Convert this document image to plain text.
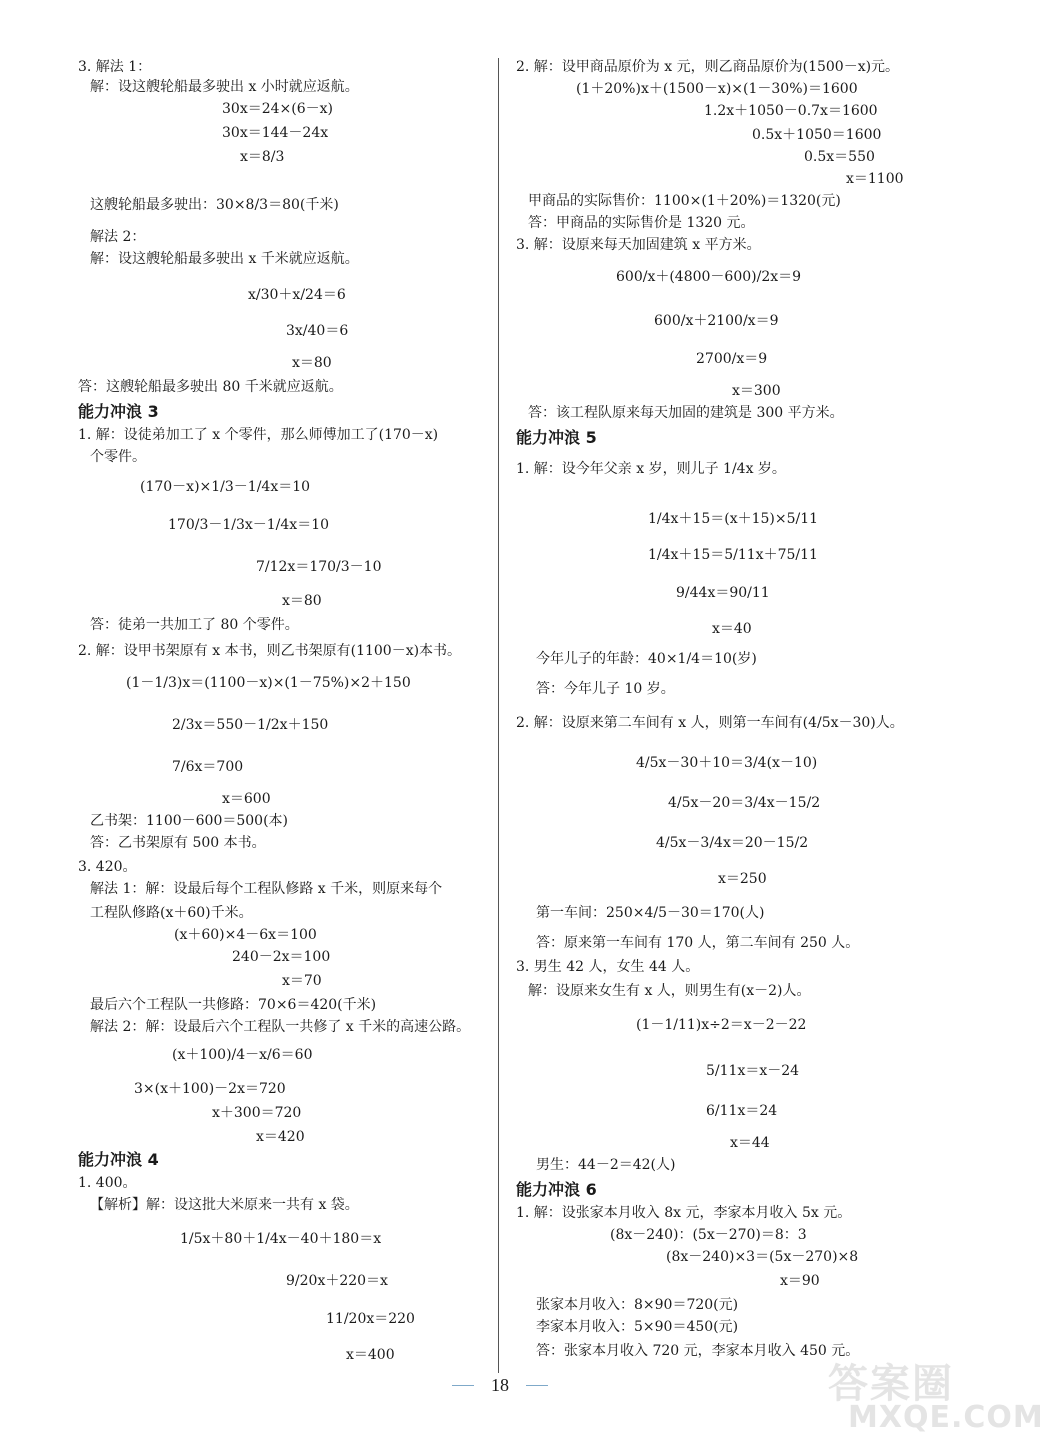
3. 解法 1：
解：设这艘轮船最多驶出 x 小时就应返航。
30x＝24×(6－x)
30x＝144－24x
x＝8/3
这艘轮船最多驶出：30×8/3＝80(千米)
解法 2：
解：设这艘轮船最多驶出 x 千米就应返航。
x/30＋x/24＝6
3x/40＝6
x＝80
答：这艘轮船最多驶出 80 千米就应返航。
能力冲浪 3
1. 解：设徒弟加工了 x 个零件，那么师傅加工了(170－x)
个零件。
(170－x)×1/3－1/4x＝10
170/3－1/3x－1/4x＝10
7/12x＝170/3－10
x＝80
答：徒弟一共加工了 80 个零件。
2. 解：设甲书架原有 x 本书，则乙书架原有(1100－x)本书。
(1－1/3)x＝(1100－x)×(1－75%)×2＋150
2/3x＝550－1/2x＋150
7/6x＝700
x＝600
乙书架：1100－600＝500(本)
答：乙书架原有 500 本书。
3. 420。
解法 1：解：设最后每个工程队修路 x 千米，则原来每个
工程队修路(x＋60)千米。
(x＋60)×4－6x＝100
240－2x＝100
x＝70
最后六个工程队一共修路：70×6＝420(千米)
解法 2：解：设最后六个工程队一共修了 x 千米的高速公路。
(x＋100)/4－x/6＝60
3×(x＋100)－2x＝720
x＋300＝720
x＝420
能力冲浪 4
1. 400。
【解析】解：设这批大米原来一共有 x 袋。
1/5x＋80＋1/4x－40＋180＝x
9/20x＋220＝x
11/20x＝220
x＝400
2. 解：设甲商品原价为 x 元，则乙商品原价为(1500－x)元。
(1＋20%)x＋(1500－x)×(1－30%)＝1600
1.2x＋1050－0.7x＝1600
0.5x＋1050＝1600
0.5x＝550
x＝1100
甲商品的实际售价：1100×(1＋20%)＝1320(元)
答：甲商品的实际售价是 1320 元。
3. 解：设原来每天加固建筑 x 平方米。
600/x＋(4800－600)/2x＝9
600/x＋2100/x＝9
2700/x＝9
x＝300
答：该工程队原来每天加固的建筑是 300 平方米。
能力冲浪 5
1. 解：设今年父亲 x 岁，则儿子 1/4x 岁。
1/4x＋15＝(x＋15)×5/11
1/4x＋15＝5/11x＋75/11
9/44x＝90/11
x＝40
今年儿子的年龄：40×1/4＝10(岁)
答：今年儿子 10 岁。
2. 解：设原来第二车间有 x 人，则第一车间有(4/5x－30)人。
4/5x－30＋10＝3/4(x－10)
4/5x－20＝3/4x－15/2
4/5x－3/4x＝20－15/2
x＝250
第一车间：250×4/5－30＝170(人)
答：原来第一车间有 170 人，第二车间有 250 人。
3. 男生 42 人，女生 44 人。
解：设原来女生有 x 人，则男生有(x－2)人。
(1－1/11)x÷2＝x－2－22
5/11x＝x－24
6/11x＝24
x＝44
男生：44－2＝42(人)
能力冲浪 6
1. 解：设张家本月收入 8x 元，李家本月收入 5x 元。
(8x－240)：(5x－270)＝8：3
(8x－240)×3＝(5x－270)×8
x＝90
张家本月收入：8×90＝720(元)
李家本月收入：5×90＝450(元)
答：张家本月收入 720 元，李家本月收入 450 元。
18	答案圈
MXQE.COM
